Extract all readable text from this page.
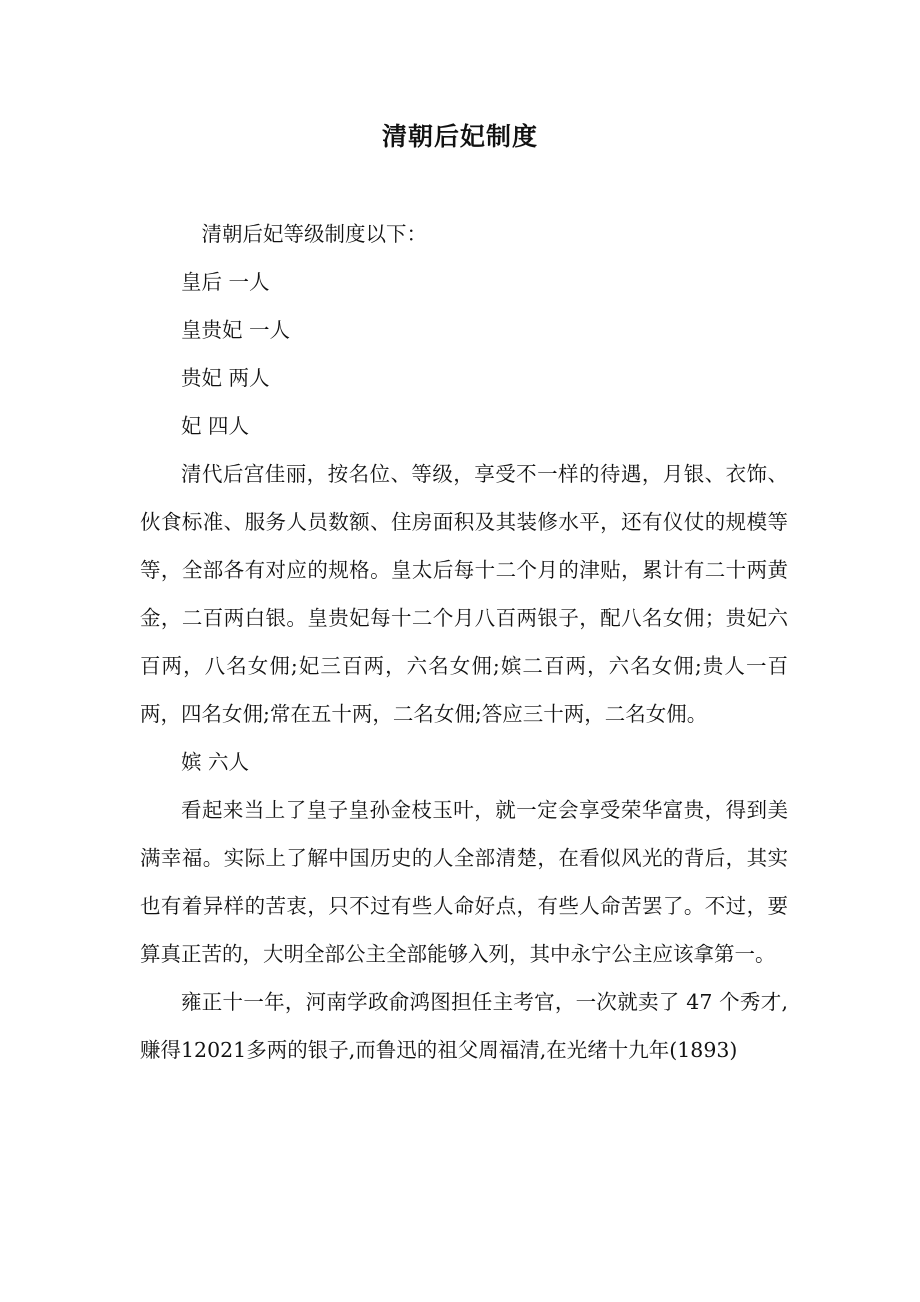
清朝后妃制度

清朝后妃等级制度以下：

皇后 一人

皇贵妃 一人

贵妃 两人

妃 四人

清代后宫佳丽，按名位、等级，享受不一样的待遇，月银、衣饰、伙食标准、服务人员数额、住房面积及其装修水平，还有仪仗的规模等等，全部各有对应的规格。皇太后每十二个月的津贴，累计有二十两黄金，二百两白银。皇贵妃每十二个月八百两银子，配八名女佣；贵妃六百两，八名女佣;妃三百两，六名女佣;嫔二百两，六名女佣;贵人一百两，四名女佣;常在五十两，二名女佣;答应三十两，二名女佣。

嫔 六人

看起来当上了皇子皇孙金枝玉叶，就一定会享受荣华富贵，得到美满幸福。实际上了解中国历史的人全部清楚，在看似风光的背后，其实也有着异样的苦衷，只不过有些人命好点，有些人命苦罢了。不过，要算真正苦的，大明全部公主全部能够入列，其中永宁公主应该拿第一。

雍正十一年，河南学政俞鸿图担任主考官，一次就卖了 47 个秀才,赚得12021多两的银子,而鲁迅的祖父周福清,在光绪十九年(1893)
